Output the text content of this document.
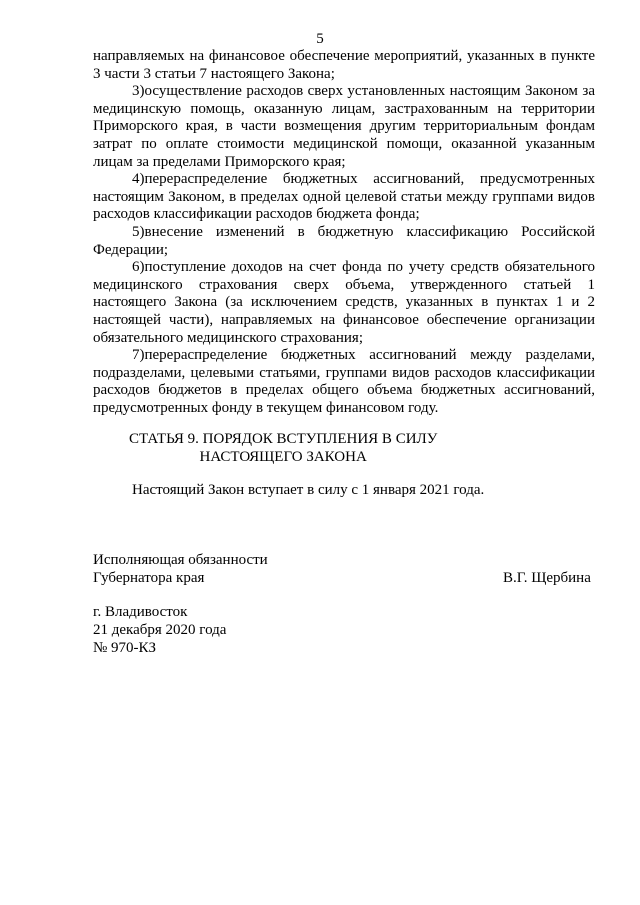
5

направляемых на финансовое обеспечение мероприятий, указанных в пункте 3 части 3 статьи 7 настоящего Закона;

3)осуществление расходов сверх установленных настоящим Законом за медицинскую помощь, оказанную лицам, застрахованным на территории Приморского края, в части возмещения другим территориальным фондам затрат по оплате стоимости медицинской помощи, оказанной указанным лицам за пределами Приморского края;

4)перераспределение бюджетных ассигнований, предусмотренных настоящим Законом, в пределах одной целевой статьи между группами видов расходов классификации расходов бюджета фонда;

5)внесение изменений в бюджетную классификацию Российской Федерации;

6)поступление доходов на счет фонда по учету средств обязательного медицинского страхования сверх объема, утвержденного статьей 1 настоящего Закона (за исключением средств, указанных в пунктах 1 и 2 настоящей части), направляемых на финансовое обеспечение организации обязательного медицинского страхования;

7)перераспределение бюджетных ассигнований между разделами, подразделами, целевыми статьями, группами видов расходов классификации расходов бюджетов в пределах общего объема бюджетных ассигнований, предусмотренных фонду в текущем финансовом году.

СТАТЬЯ 9. ПОРЯДОК ВСТУПЛЕНИЯ В СИЛУ
НАСТОЯЩЕГО ЗАКОНА
Настоящий Закон вступает в силу с 1 января 2021 года.
Исполняющая обязанности
Губернатора края	В.Г. Щербина
г. Владивосток
21 декабря 2020 года
№ 970-КЗ
